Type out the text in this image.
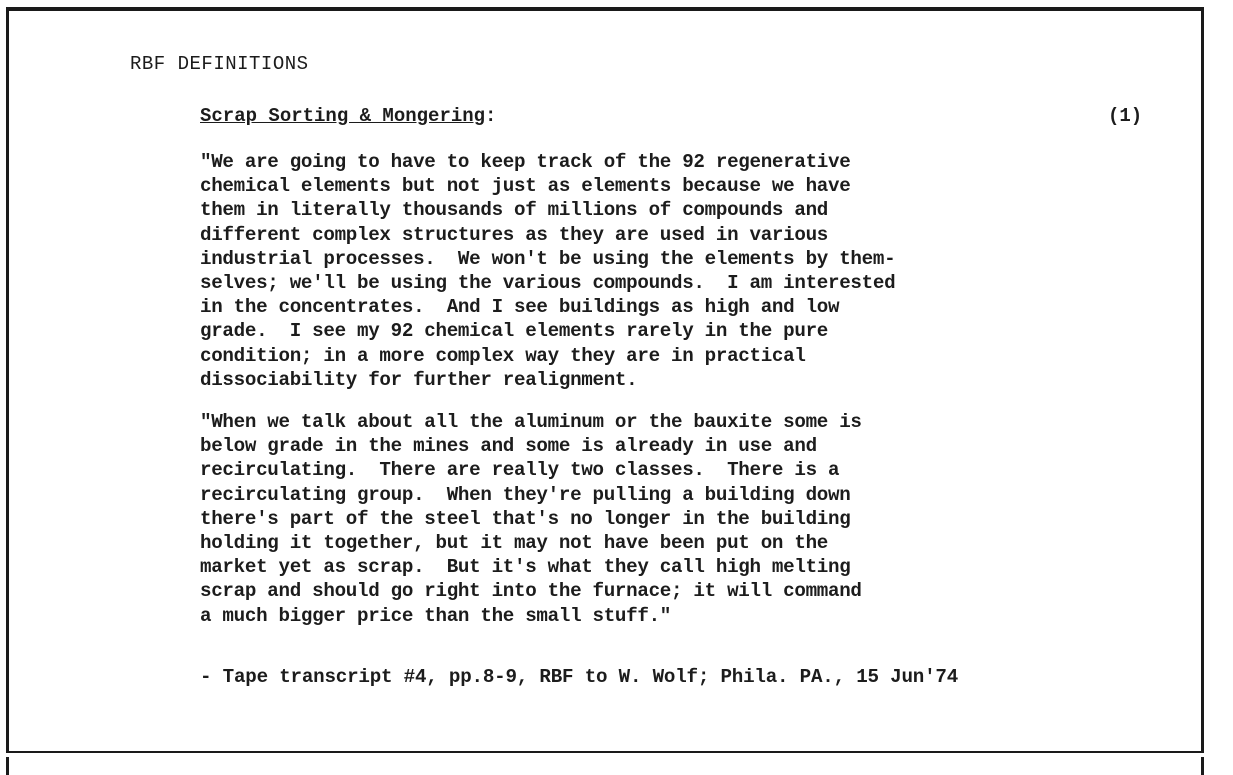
RBF DEFINITIONS
Scrap Sorting & Mongering:	(1)
"We are going to have to keep track of the 92 regenerative
chemical elements but not just as elements because we have
them in literally thousands of millions of compounds and
different complex structures as they are used in various
industrial processes.  We won't be using the elements by them-
selves; we'll be using the various compounds.  I am interested
in the concentrates.  And I see buildings as high and low
grade.  I see my 92 chemical elements rarely in the pure
condition; in a more complex way they are in practical
dissociability for further realignment.
"When we talk about all the aluminum or the bauxite some is
below grade in the mines and some is already in use and
recirculating.  There are really two classes.  There is a
recirculating group.  When they're pulling a building down
there's part of the steel that's no longer in the building
holding it together, but it may not have been put on the
market yet as scrap.  But it's what they call high melting
scrap and should go right into the furnace; it will command
a much bigger price than the small stuff."
- Tape transcript #4, pp.8-9, RBF to W. Wolf; Phila. PA., 15 Jun'74
